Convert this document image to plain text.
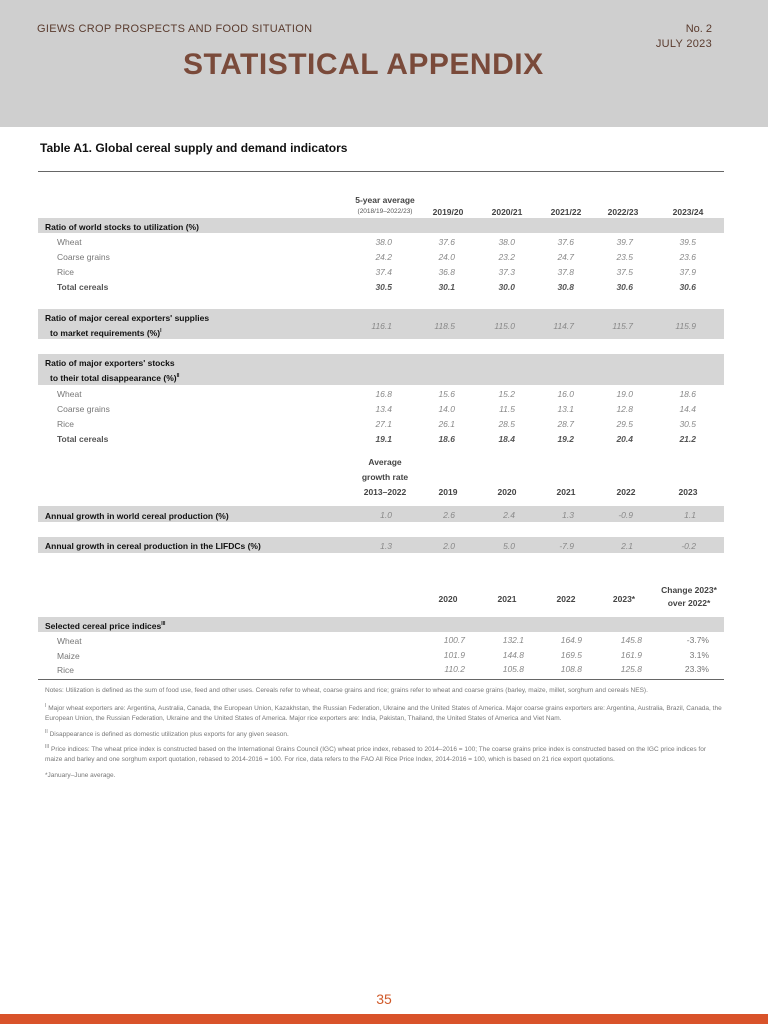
GIEWS CROP PROSPECTS AND FOOD SITUATION	No. 2
JULY 2023
STATISTICAL APPENDIX
Table A1. Global cereal supply and demand indicators
5-year average
(2018/19–2022/23)	2019/20	2020/21	2021/22	2022/23	2023/24
Ratio of world stocks to utilization (%)
Wheat	38.0	37.6	38.0	37.6	39.7	39.5
Coarse grains	24.2	24.0	23.2	24.7	23.5	23.6
Rice	37.4	36.8	37.3	37.8	37.5	37.9
Total cereals	30.5	30.1	30.0	30.8	30.6	30.6
Ratio of major cereal exporters' supplies
to market requirements (%)$^I$
116.1	118.5	115.0	114.7	115.7	115.9
Ratio of major exporters' stocks
to their total disappearance (%)$^{II}$
Wheat	16.8	15.6	15.2	16.0	19.0	18.6
Coarse grains	13.4	14.0	11.5	13.1	12.8	14.4
Rice	27.1	26.1	28.5	28.7	29.5	30.5
Total cereals	19.1	18.6	18.4	19.2	20.4	21.2
Average
growth rate
2013–2022	2019	2020	2021	2022	2023
Annual growth in world cereal production (%)	1.0	2.6	2.4	1.3	-0.9	1.1
Annual growth in cereal production in the LIFDCs (%)	1.3	2.0	5.0	-7.9	2.1	-0.2
2020	2021	2022	2023*
Change 2023*
over 2022*
Selected cereal price indices$^{III}$
Wheat	100.7	132.1	164.9	145.8	-3.7%
Maize	101.9	144.8	169.5	161.9	3.1%
Rice	110.2	105.8	108.8	125.8	23.3%
Notes: Utilization is defined as the sum of food use, feed and other uses. Cereals refer to wheat, coarse grains and rice; grains refer to wheat and coarse grains (barley, maize, millet, sorghum and cereals NES).
$^I$ Major wheat exporters are: Argentina, Australia, Canada, the European Union, Kazakhstan, the Russian Federation, Ukraine and the United States of America. Major coarse grains exporters are: Argentina, Australia, Brazil, Canada, the European Union, the Russian Federation, Ukraine and the United States of America. Major rice exporters are: India, Pakistan, Thailand, the United States of America and Viet Nam.
$^{II}$ Disappearance is defined as domestic utilization plus exports for any given season.
$^{III}$ Price indices: The wheat price index is constructed based on the International Grains Council (IGC) wheat price index, rebased to 2014–2016 = 100; The coarse grains price index is constructed based on the IGC price indices for maize and barley and one sorghum export quotation, rebased to 2014-2016 = 100. For rice, data refers to the FAO All Rice Price Index, 2014-2016 = 100, which is based on 21 rice export quotations.
*January–June average.
35
